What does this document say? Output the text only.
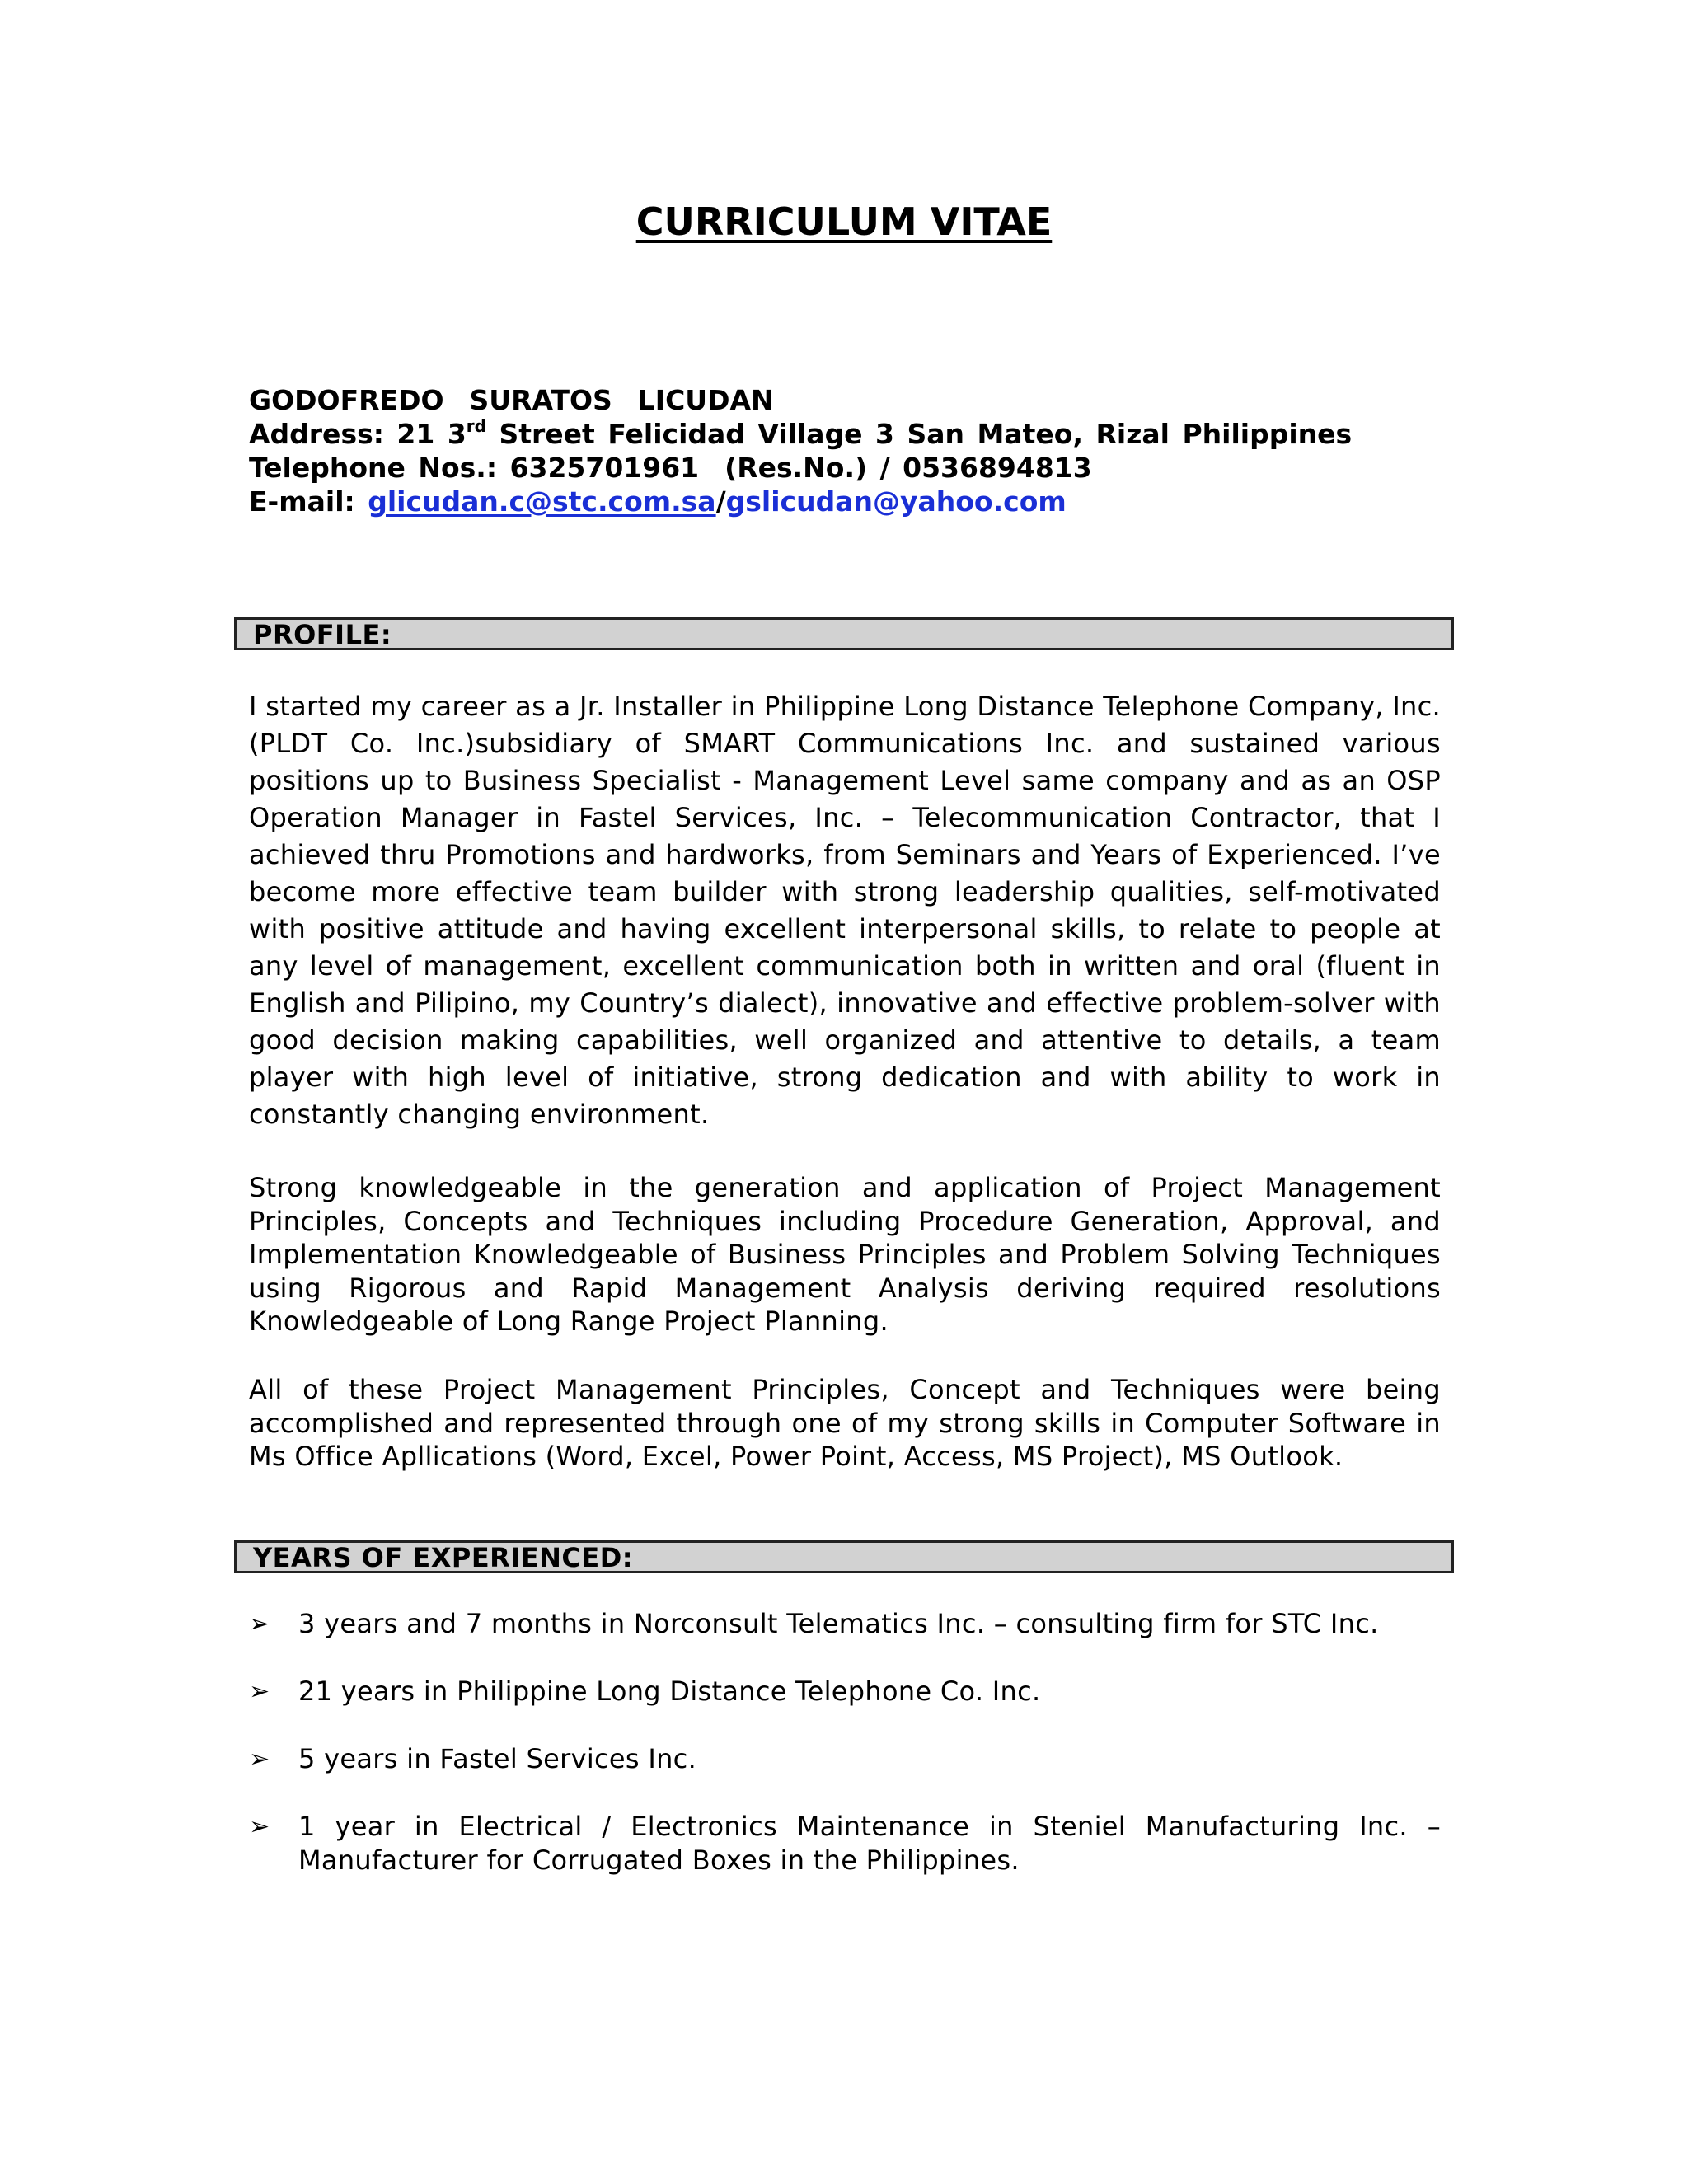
CURRICULUM VITAE
GODOFREDO  SURATOS  LICUDAN
Address: 21 3rd Street Felicidad Village 3 San Mateo, Rizal Philippines
Telephone Nos.: 6325701961  (Res.No.) / 0536894813
E-mail: glicudan.c@stc.com.sa/gslicudan@yahoo.com
PROFILE:
I started my career as a Jr. Installer in Philippine Long Distance Telephone Company, Inc. (PLDT Co. Inc.)subsidiary of SMART Communications Inc. and sustained various positions up to Business Specialist - Management Level same company and as an OSP Operation Manager in Fastel Services, Inc. – Telecommunication Contractor, that I achieved thru Promotions and hardworks, from Seminars and Years of Experienced. I’ve become more effective team builder with strong leadership qualities, self-motivated with positive attitude and having excellent interpersonal skills, to relate to people at any level of management, excellent communication both in written and oral (fluent in English and Pilipino, my Country’s dialect), innovative and effective problem-solver with good decision making capabilities, well organized and attentive to details, a team player with high level of initiative, strong dedication and with ability to work in constantly changing environment.
Strong knowledgeable in the generation and application of Project Management Principles, Concepts and Techniques including Procedure Generation, Approval, and Implementation Knowledgeable of Business Principles and Problem Solving Techniques using Rigorous and Rapid Management Analysis deriving required resolutions Knowledgeable of Long Range Project Planning.
All of these Project Management Principles, Concept and Techniques were being accomplished and represented through one of my strong skills in Computer Software in Ms Office Apllications (Word, Excel, Power Point, Access, MS Project), MS Outlook.
YEARS OF EXPERIENCED:
➢ 3 years and 7 months in Norconsult Telematics Inc. – consulting firm for STC Inc.
➢ 21 years in Philippine Long Distance Telephone Co. Inc.
➢ 5 years in Fastel Services Inc.
➢ 1 year in Electrical / Electronics Maintenance in Steniel Manufacturing Inc. – Manufacturer for Corrugated Boxes in the Philippines.
